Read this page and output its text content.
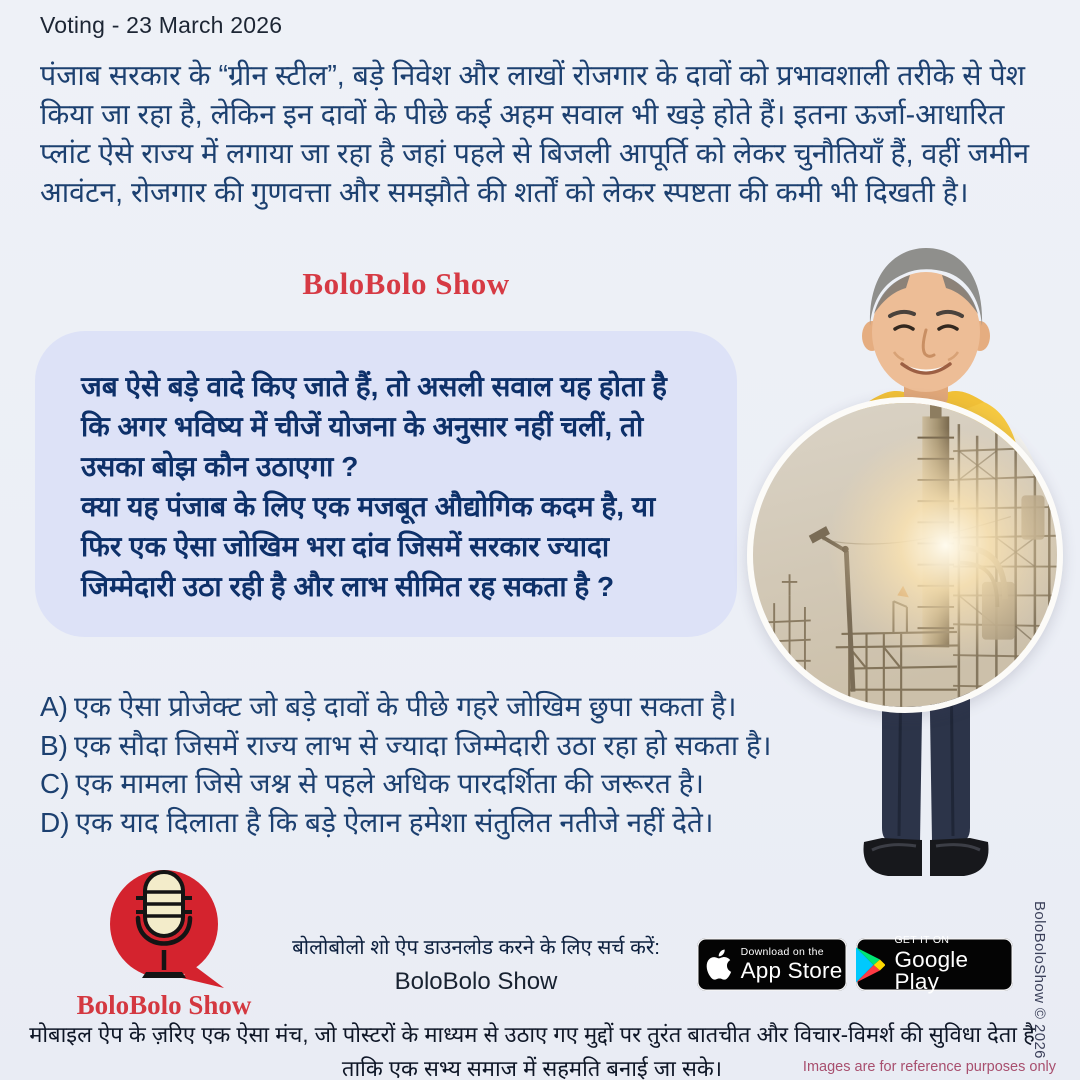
Voting - 23 March 2026
पंजाब सरकार के “ग्रीन स्टील”, बड़े निवेश और लाखों रोजगार के दावों को प्रभावशाली तरीके से पेश किया जा रहा है, लेकिन इन दावों के पीछे कई अहम सवाल भी खड़े होते हैं। इतना ऊर्जा-आधारित प्लांट ऐसे राज्य में लगाया जा रहा है जहां पहले से बिजली आपूर्ति को लेकर चुनौतियाँ हैं, वहीं जमीन आवंटन, रोजगार की गुणवत्ता और समझौते की शर्तों को लेकर स्पष्टता की कमी भी दिखती है।
BoloBolo Show

जब ऐसे बड़े वादे किए जाते हैं, तो असली सवाल यह होता है कि अगर भविष्य में चीजें योजना के अनुसार नहीं चलीं, तो उसका बोझ कौन उठाएगा ?

क्या यह पंजाब के लिए एक मजबूत औद्योगिक कदम है, या फिर एक ऐसा जोखिम भरा दांव जिसमें सरकार ज्यादा जिम्मेदारी उठा रही है और लाभ सीमित रह सकता है ?

A) एक ऐसा प्रोजेक्ट जो बड़े दावों के पीछे गहरे जोखिम छुपा सकता है।
B) एक सौदा जिसमें राज्य लाभ से ज्यादा जिम्मेदारी उठा रहा हो सकता है।
C) एक मामला जिसे जश्न से पहले अधिक पारदर्शिता की जरूरत है।
D) एक याद दिलाता है कि बड़े ऐलान हमेशा संतुलित नतीजे नहीं देते।
BoloBolo Show
बोलोबोलो शो ऐप डाउनलोड करने के लिए सर्च करें:
BoloBolo Show
Download on the
App Store
GET IT ON
Google Play
मोबाइल ऐप के ज़रिए एक ऐसा मंच, जो पोस्टरों के माध्यम से उठाए गए मुद्दों पर तुरंत बातचीत और विचार-विमर्श की सुविधा देता है
ताकि एक सभ्य समाज में सहमति बनाई जा सके।	Images are for reference purposes only
BoloBoloShow © 2026
